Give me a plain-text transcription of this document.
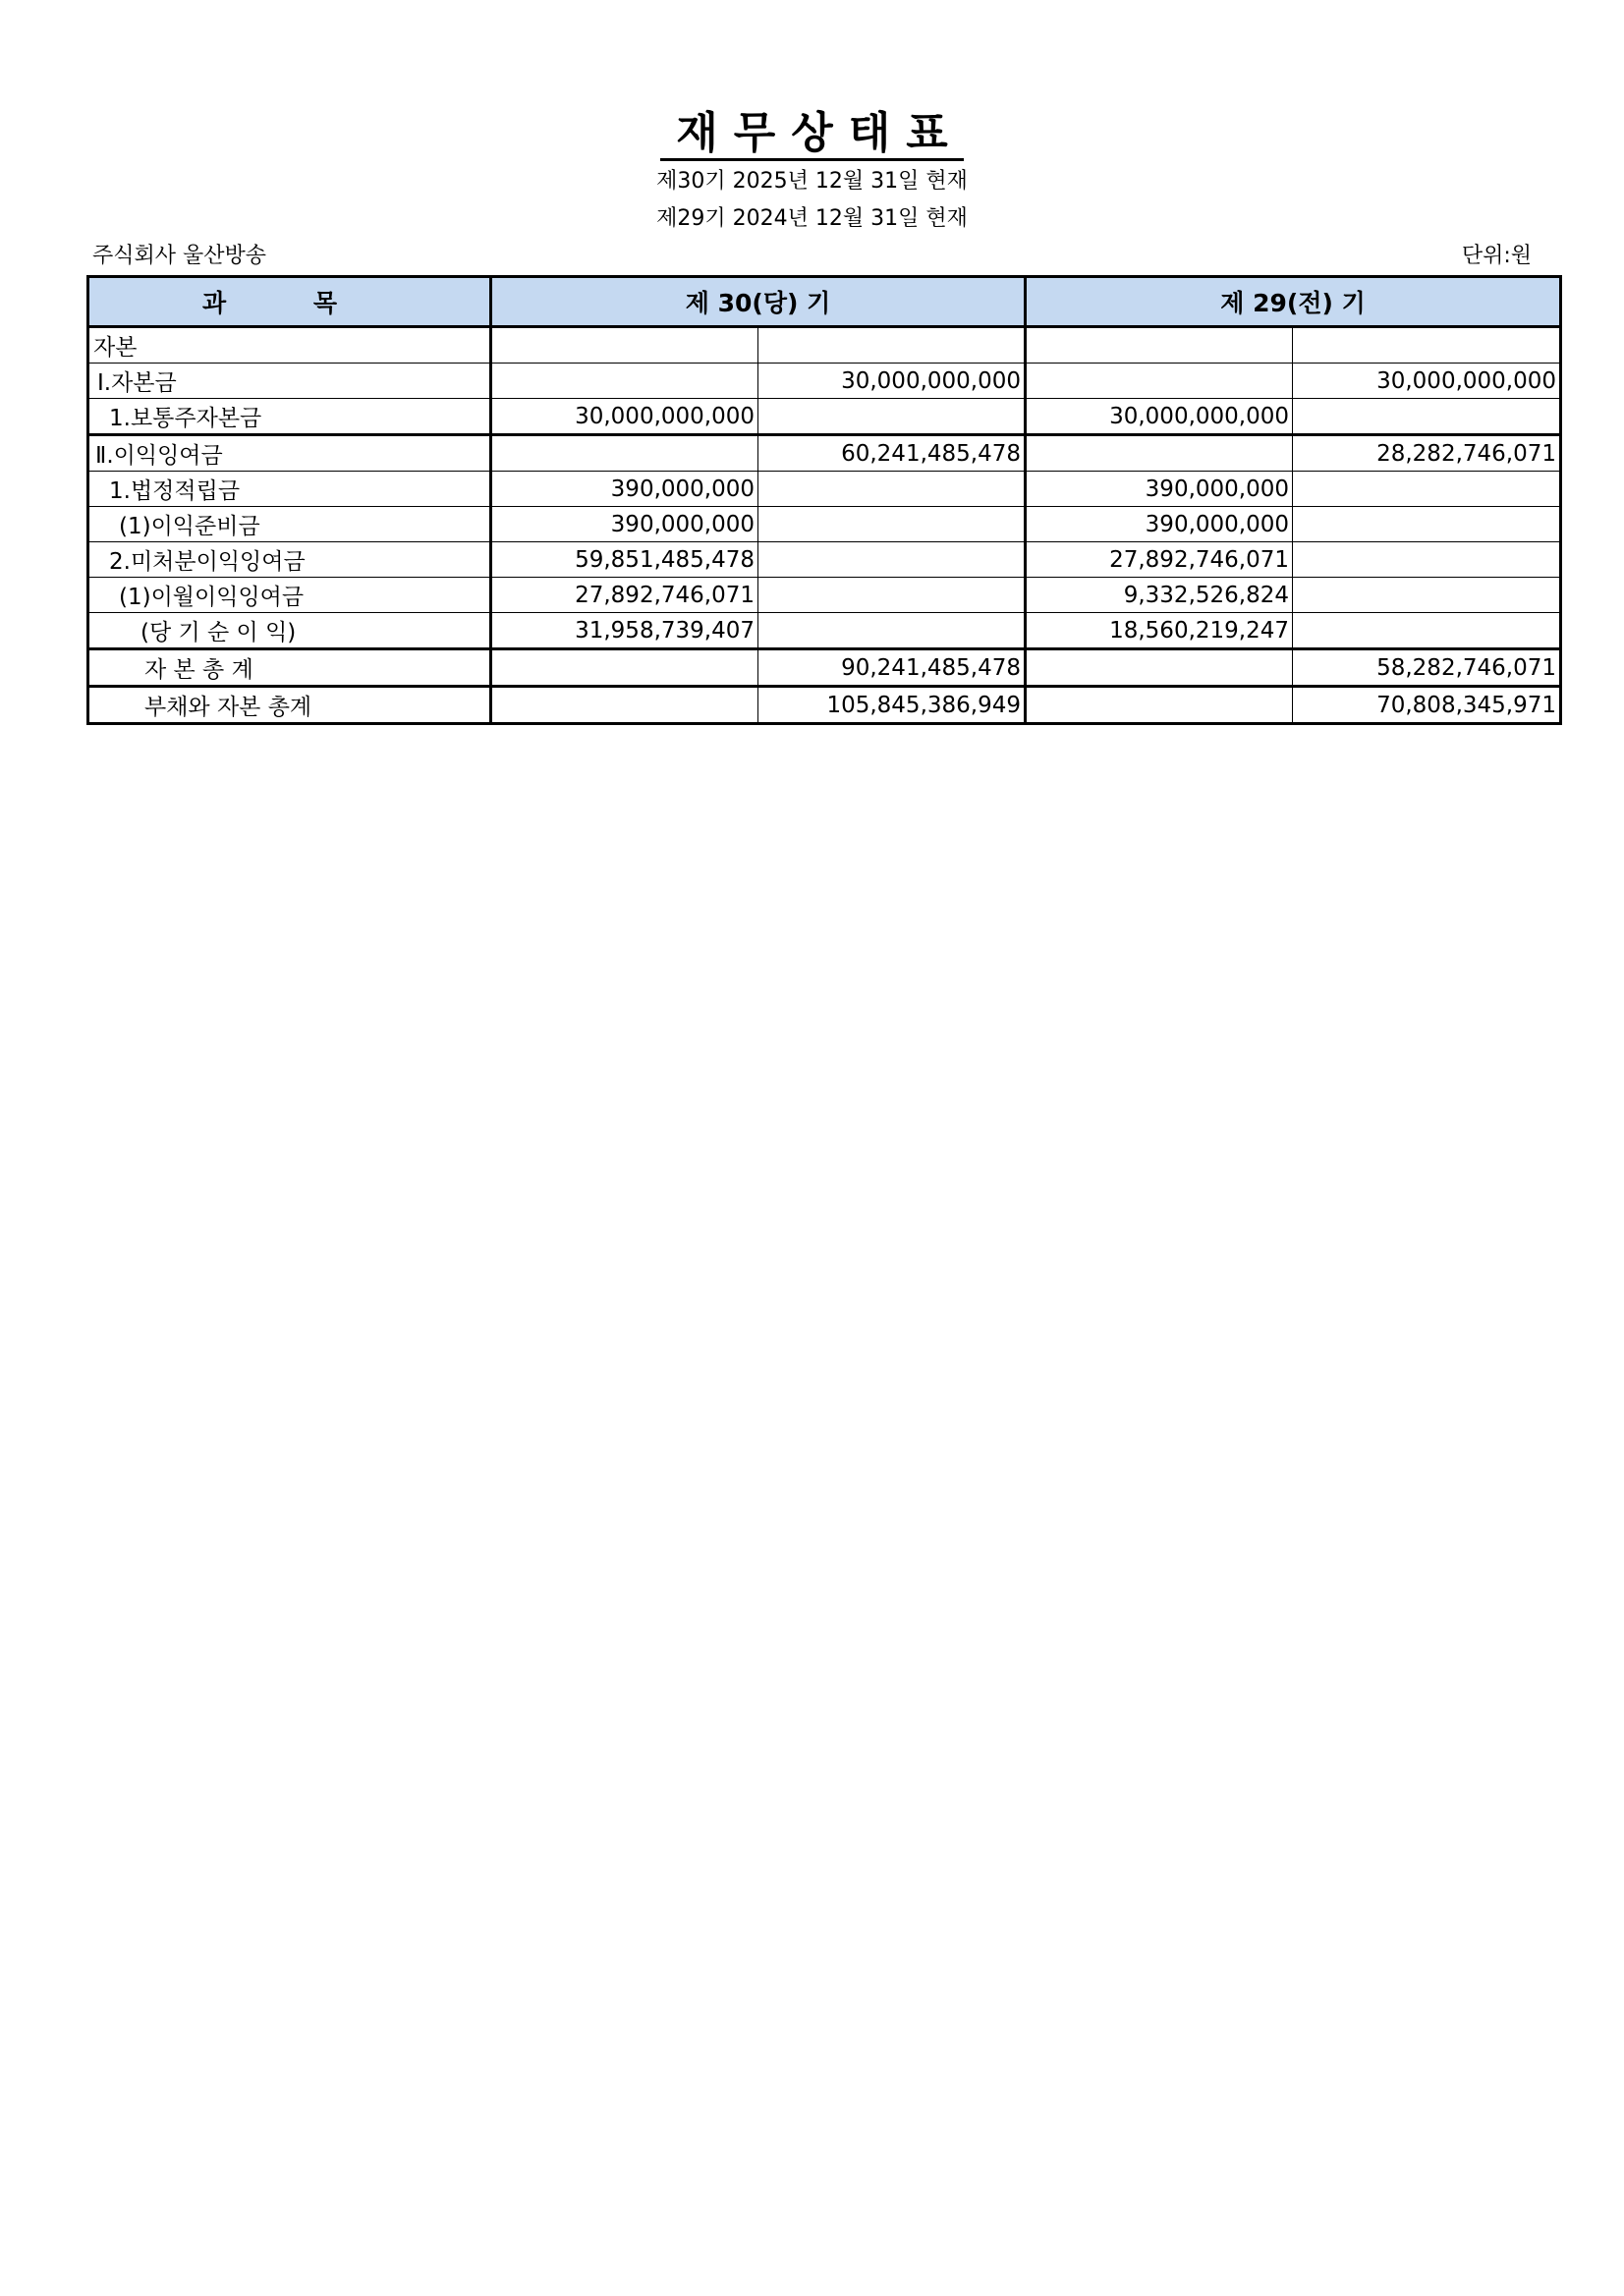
재무상태표
제30기 2025년 12월 31일 현재
제29기 2024년 12월 31일 현재
주식회사 울산방송	단위:원
과 목	제 30(당) 기		제 29(전) 기	
자본				
Ⅰ.자본금		30,000,000,000		30,000,000,000
1.보통주자본금	30,000,000,000		30,000,000,000	
Ⅱ.이익잉여금		60,241,485,478		28,282,746,071
1.법정적립금	390,000,000		390,000,000	
(1)이익준비금	390,000,000		390,000,000	
2.미처분이익잉여금	59,851,485,478		27,892,746,071	
(1)이월이익잉여금	27,892,746,071		9,332,526,824	
(당 기 순 이 익)	31,958,739,407		18,560,219,247	
자 본 총 계		90,241,485,478		58,282,746,071
부채와 자본 총계		105,845,386,949		70,808,345,971
